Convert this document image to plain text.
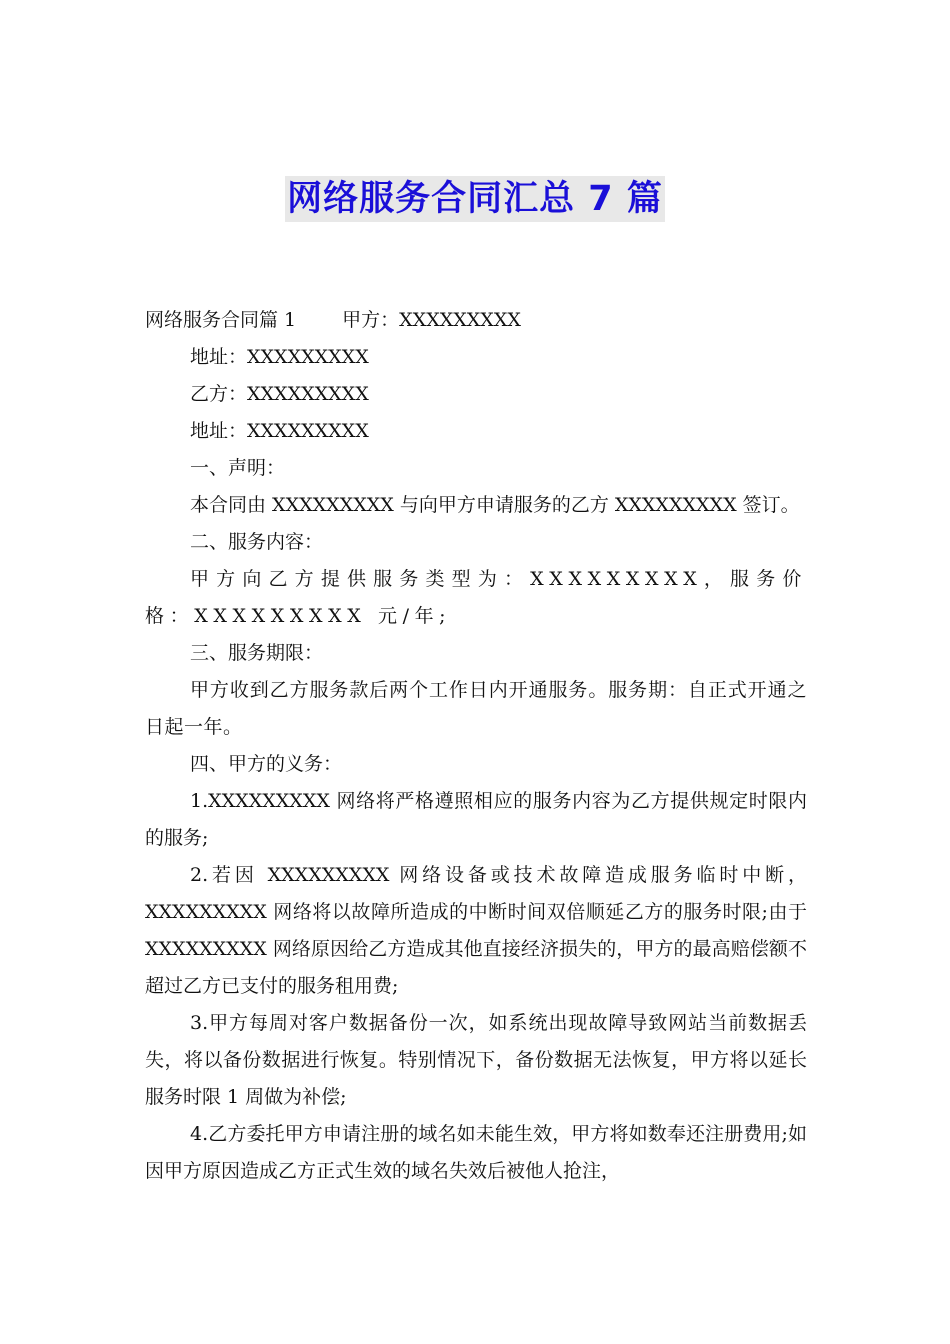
网络服务合同汇总 7 篇

网络服务合同篇 1 甲方：XXXXXXXXX

地址：XXXXXXXXX

乙方：XXXXXXXXX

地址：XXXXXXXXX

一、声明：

本合同由 XXXXXXXXX 与向甲方申请服务的乙方 XXXXXXXXX 签订。

二、服务内容：

甲方向乙方提供服务类型为：XXXXXXXXX，服务价格：XXXXXXXXX 元/年;

三、服务期限：

甲方收到乙方服务款后两个工作日内开通服务。服务期：自正式开通之日起一年。

四、甲方的义务：

1.XXXXXXXXX 网络将严格遵照相应的服务内容为乙方提供规定时限内的服务;

2.若因 XXXXXXXXX 网络设备或技术故障造成服务临时中断，XXXXXXXXX 网络将以故障所造成的中断时间双倍顺延乙方的服务时限;由于 XXXXXXXXX 网络原因给乙方造成其他直接经济损失的，甲方的最高赔偿额不超过乙方已支付的服务租用费;

3.甲方每周对客户数据备份一次，如系统出现故障导致网站当前数据丢失，将以备份数据进行恢复。特别情况下，备份数据无法恢复，甲方将以延长服务时限 1 周做为补偿;

4.乙方委托甲方申请注册的域名如未能生效，甲方将如数奉还注册费用;如因甲方原因造成乙方正式生效的域名失效后被他人抢注，
